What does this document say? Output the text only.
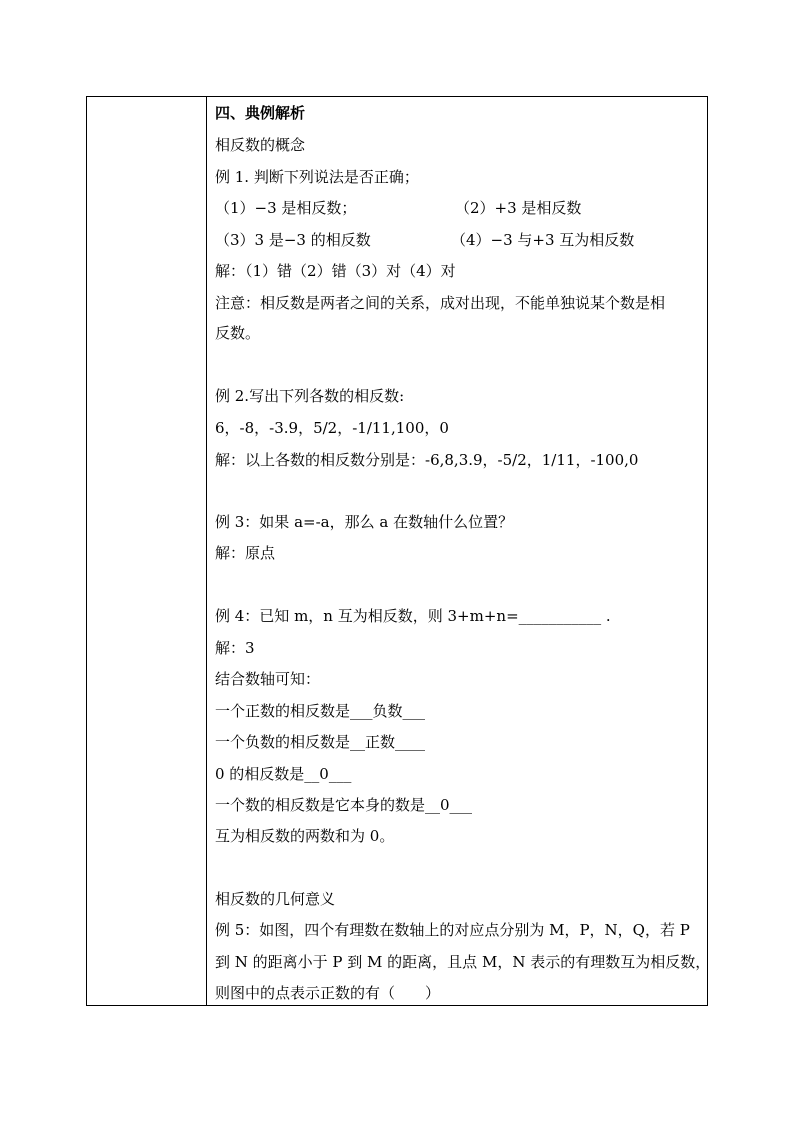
四、典例解析
相反数的概念
例 1. 判断下列说法是否正确；
（1）−3 是相反数；	（2）+3 是相反数
（3）3 是−3 的相反数	（4）−3 与+3 互为相反数
解：（1）错（2）错（3）对（4）对
注意：相反数是两者之间的关系，成对出现，不能单独说某个数是相
反数。
例 2.写出下列各数的相反数:
6，-8，-3.9，5/2，-1/11,100，0
解：以上各数的相反数分别是：-6,8,3.9，-5/2，1/11，-100,0
例 3：如果 a=-a，那么 a 在数轴什么位置？
解：原点
例 4：已知 m，n 互为相反数，则 3+m+n=___________ .
解：3
结合数轴可知：
一个正数的相反数是___负数___
一个负数的相反数是__正数____
0 的相反数是__0___
一个数的相反数是它本身的数是__0___
互为相反数的两数和为 0。
相反数的几何意义
例 5：如图，四个有理数在数轴上的对应点分别为 M，P，N，Q，若 P
到 N 的距离小于 P 到 M 的距离，且点 M，N 表示的有理数互为相反数，
则图中的点表示正数的有（　　）
